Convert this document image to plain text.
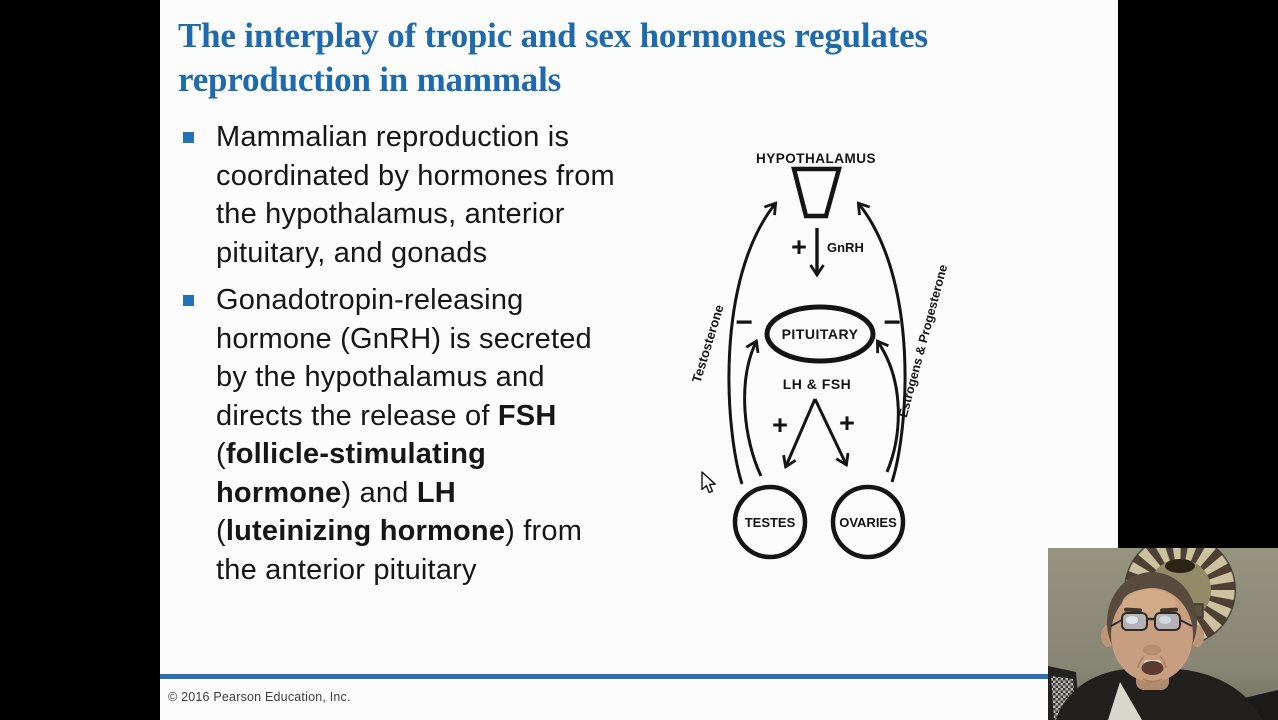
The interplay of tropic and sex hormones regulates
reproduction in mammals
Mammalian reproduction is
coordinated by hormones from
the hypothalamus, anterior
pituitary, and gonads
Gonadotropin-releasing
hormone (GnRH) is secreted
by the hypothalamus and
directs the release of FSH
(follicle-stimulating
hormone) and LH
(luteinizing hormone) from
the anterior pituitary
HYPOTHALAMUS
+ GnRH
PITUITARY
−	−
LH & FSH
+ +
TESTES	OVARIES
Testosterone	Estrogens & Progesterone
© 2016 Pearson Education, Inc.
